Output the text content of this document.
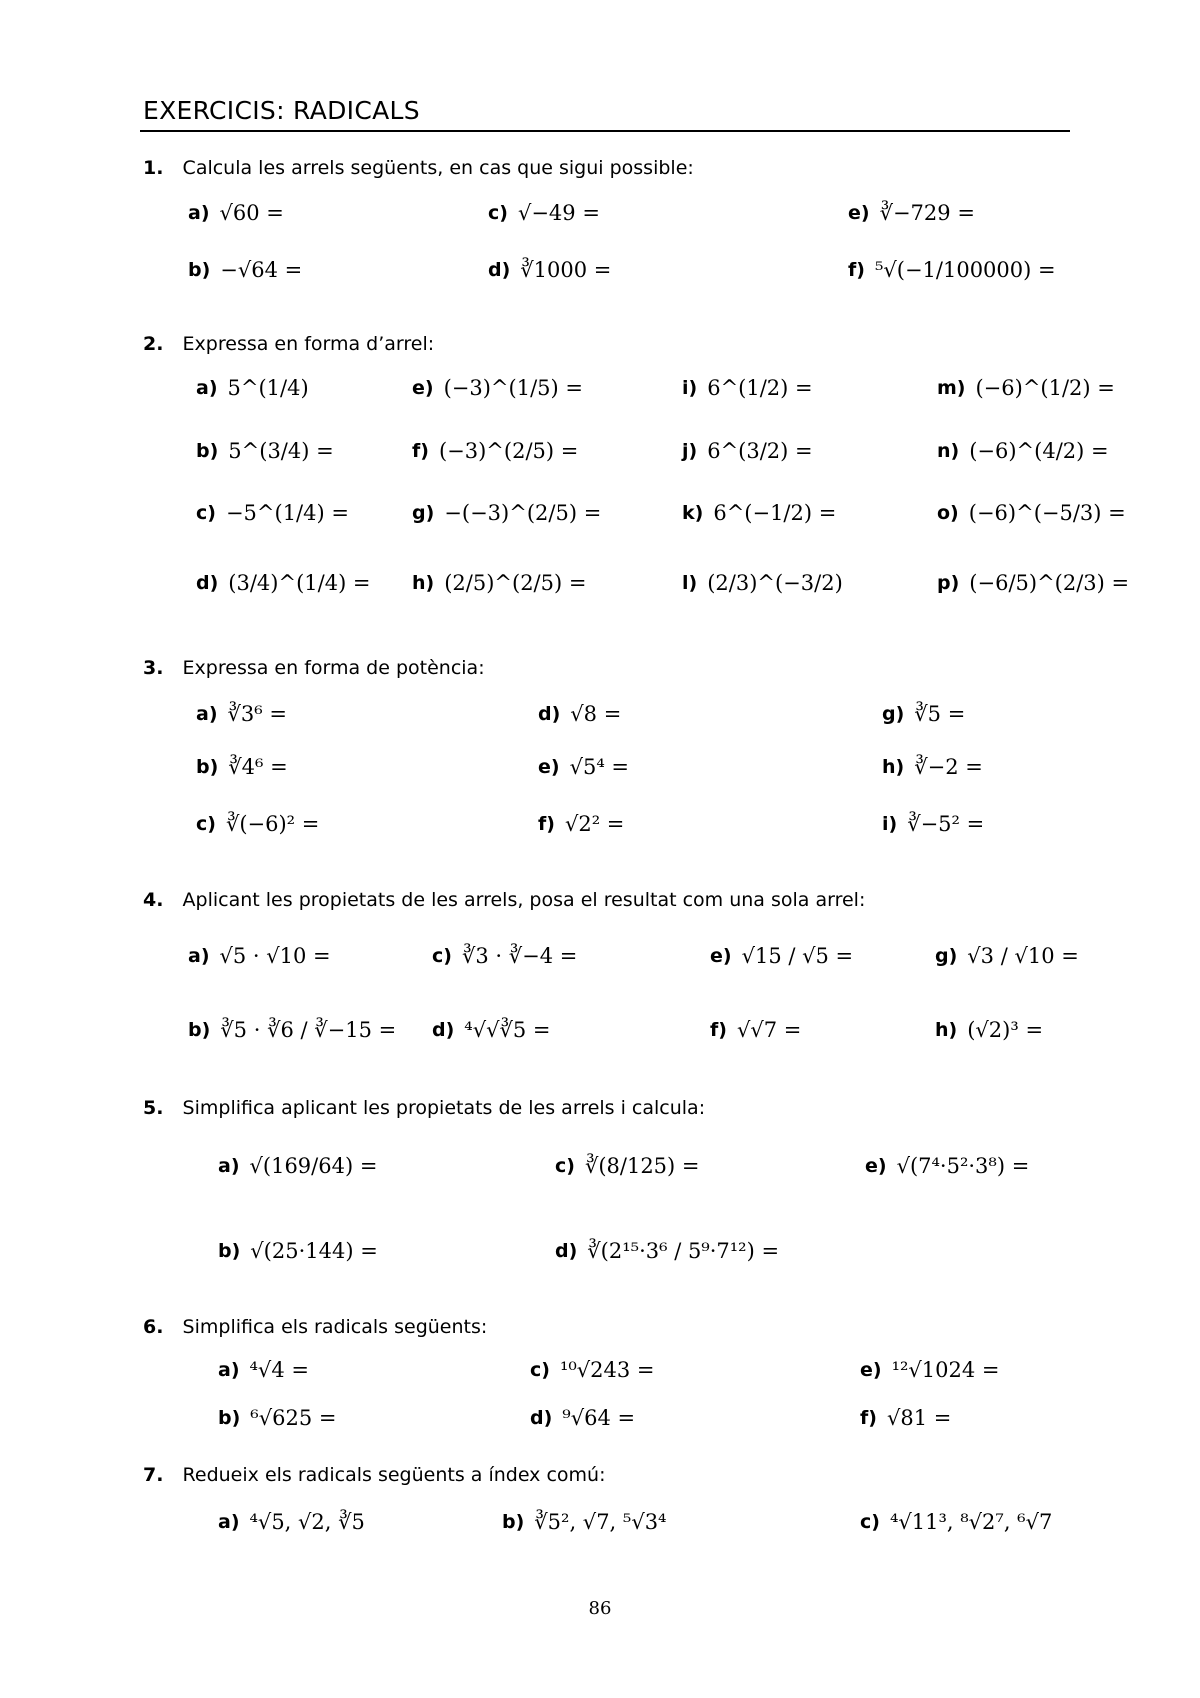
EXERCICIS: RADICALS
1. Calcula les arrels següents, en cas que sigui possible:
a) √60 =	c) √−49 =	e) ∛−729 =
b) −√64 =	d) ∛1000 =	f) ⁵√(−1/100000) =
2. Expressa en forma d’arrel:
a) 5^(1/4)	e) (−3)^(1/5) =	i) 6^(1/2) =	m) (−6)^(1/2) =
b) 5^(3/4) =	f) (−3)^(2/5) =	j) 6^(3/2) =	n) (−6)^(4/2) =
c) −5^(1/4) =	g) −(−3)^(2/5) =	k) 6^(−1/2) =	o) (−6)^(−5/3) =
d) (3/4)^(1/4) = h) (2/5)^(2/5) =	l) (2/3)^(−3/2)	p) (−6/5)^(2/3) =
3. Expressa en forma de potència:
a) ∛3⁶ =	d) √8 =	g) ∛5 =
b) ∛4⁶ =	e) √5⁴ =	h) ∛−2 =
c) ∛(−6)² =	f) √2² =	i) ∛−5² =
4. Aplicant les propietats de les arrels, posa el resultat com una sola arrel:
a) √5 · √10 =	c) ∛3 · ∛−4 =	e) √15 / √5 =	g) √3 / √10 =
b) ∛5 · ∛6 / ∛−15 = d) ⁴√√∛5 =	f) √√7 =	h) (√2)³ =
5. Simplifica aplicant les propietats de les arrels i calcula:
a) √(169/64) =	c) ∛(8/125) =	e) √(7⁴·5²·3⁸) =
b) √(25·144) =	d) ∛(2¹⁵·3⁶ / 5⁹·7¹²) =
6. Simplifica els radicals següents:
a) ⁴√4 =	c) ¹⁰√243 =	e) ¹²√1024 =
b) ⁶√625 =	d) ⁹√64 =	f) √81 =
7. Redueix els radicals següents a índex comú:
a) ⁴√5, √2, ∛5	b) ∛5², √7, ⁵√3⁴	c) ⁴√11³, ⁸√2⁷, ⁶√7
86
